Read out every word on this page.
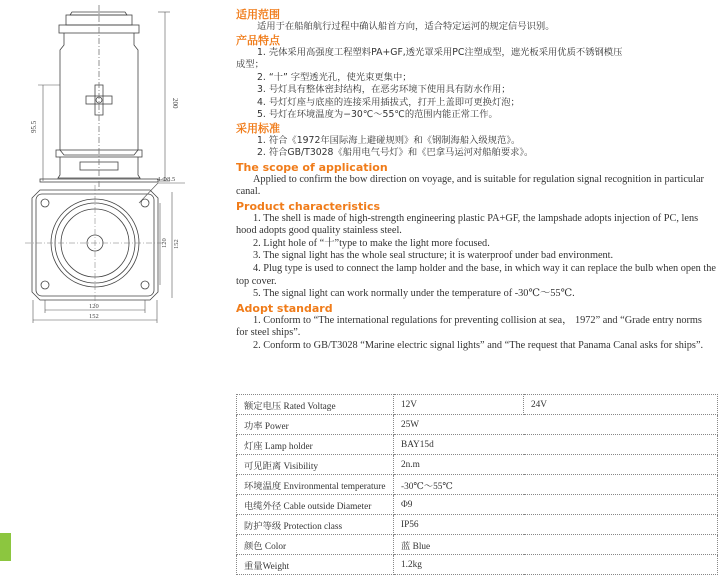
200
95.5
4-Φ8.5
120 152
120
152

适用范围

适用于在船舶航行过程中确认船首方向，适合特定运河的规定信号识别。

产品特点

1. 壳体采用高强度工程塑料PA+GF,透光罩采用PC注塑成型，遮光板采用优质不锈钢模压

成型；

2. “十” 字型透光孔，使光束更集中；

3. 号灯具有整体密封结构，在恶劣环境下使用具有防水作用；

4. 号灯灯座与底座的连接采用插拔式，打开上盖即可更换灯泡；

5. 号灯在环境温度为−30℃～55℃的范围内能正常工作。

采用标准

1. 符合《1972年国际海上避碰规则》和《钢制海船入级规范》。

2. 符合GB/T3028《船用电气号灯》和《巴拿马运河对船舶要求》。

The scope of application

Applied to confirm the bow direction on voyage, and is suitable for regulation signal recognition in particular canal.

Product characteristics

1. The shell is made of high-strength engineering plastic PA+GF, the lampshade adopts injection of PC, lens hood adopts good quality stainless steel.

2. Light hole of “十”type to make the light more focused.

3. The signal light has the whole seal structure; it is waterproof under bad environment.

4. Plug type is used to connect the lamp holder and the base, in which way it can replace the bulb when open the top cover.

5. The signal light can work normally under the temperature of -30℃～55℃.

Adopt standard

1. Conform to “The international regulations for preventing collision at sea， 1972” and “Grade entry norms for steel ships”.

2. Conform to GB/T3028 “Marine electric signal lights” and “The request that Panama Canal asks for ships”.

额定电压 Rated Voltage	12V	24V
功率 Power	25W	
灯座 Lamp holder	BAY15d	
可见距离 Visibility	2n.m	
环境温度 Environmental temperature	-30℃～55℃	
电缆外径 Cable outside Diameter	Φ9	
防护等级 Protection class	IP56	
颜色 Color	蓝 Blue	
重量Weight	1.2kg	
